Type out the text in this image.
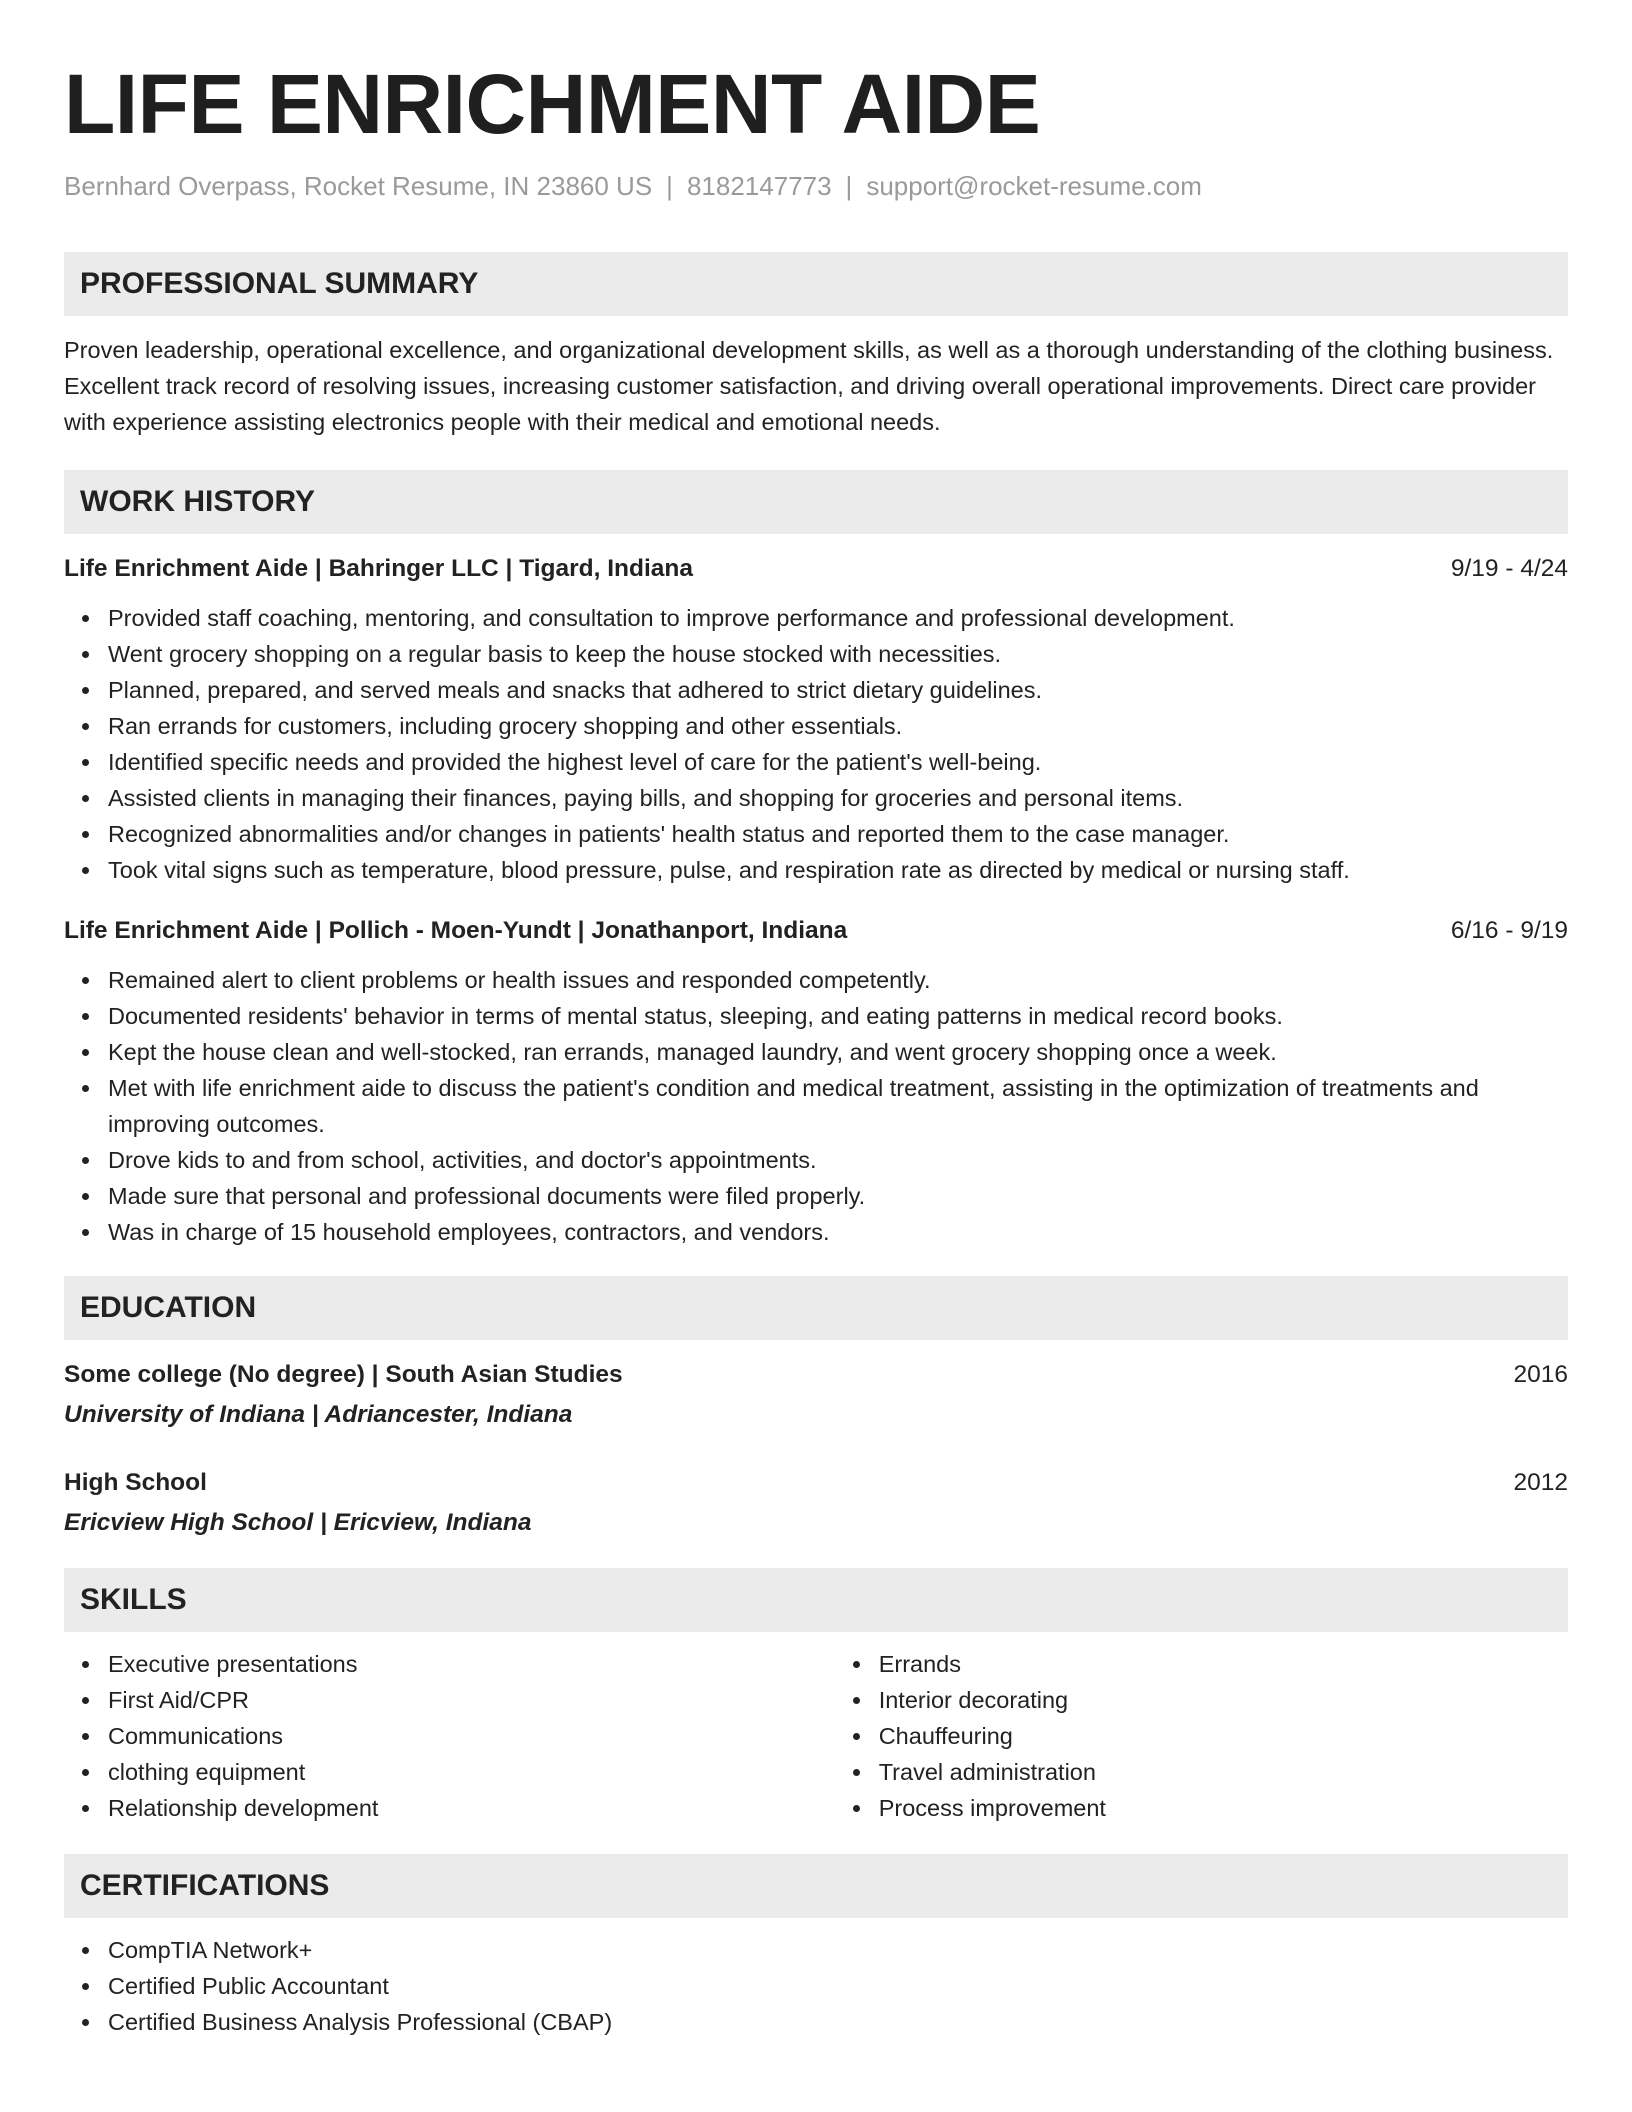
LIFE ENRICHMENT AIDE
Bernhard Overpass, Rocket Resume, IN 23860 US | 8182147773 | support@rocket-resume.com
PROFESSIONAL SUMMARY
Proven leadership, operational excellence, and organizational development skills, as well as a thorough understanding of the clothing business. Excellent track record of resolving issues, increasing customer satisfaction, and driving overall operational improvements. Direct care provider with experience assisting electronics people with their medical and emotional needs.
WORK HISTORY
Life Enrichment Aide | Bahringer LLC | Tigard, Indiana	9/19 - 4/24
Provided staff coaching, mentoring, and consultation to improve performance and professional development.
Went grocery shopping on a regular basis to keep the house stocked with necessities.
Planned, prepared, and served meals and snacks that adhered to strict dietary guidelines.
Ran errands for customers, including grocery shopping and other essentials.
Identified specific needs and provided the highest level of care for the patient's well-being.
Assisted clients in managing their finances, paying bills, and shopping for groceries and personal items.
Recognized abnormalities and/or changes in patients' health status and reported them to the case manager.
Took vital signs such as temperature, blood pressure, pulse, and respiration rate as directed by medical or nursing staff.
Life Enrichment Aide | Pollich - Moen-Yundt | Jonathanport, Indiana	6/16 - 9/19
Remained alert to client problems or health issues and responded competently.
Documented residents' behavior in terms of mental status, sleeping, and eating patterns in medical record books.
Kept the house clean and well-stocked, ran errands, managed laundry, and went grocery shopping once a week.
Met with life enrichment aide to discuss the patient's condition and medical treatment, assisting in the optimization of treatments and improving outcomes.
Drove kids to and from school, activities, and doctor's appointments.
Made sure that personal and professional documents were filed properly.
Was in charge of 15 household employees, contractors, and vendors.
EDUCATION
Some college (No degree) | South Asian Studies	2016
University of Indiana | Adriancester, Indiana
High School	2012
Ericview High School | Ericview, Indiana
SKILLS
Executive presentations
First Aid/CPR
Communications
clothing equipment
Relationship development
Errands
Interior decorating
Chauffeuring
Travel administration
Process improvement
CERTIFICATIONS
CompTIA Network+
Certified Public Accountant
Certified Business Analysis Professional (CBAP)
